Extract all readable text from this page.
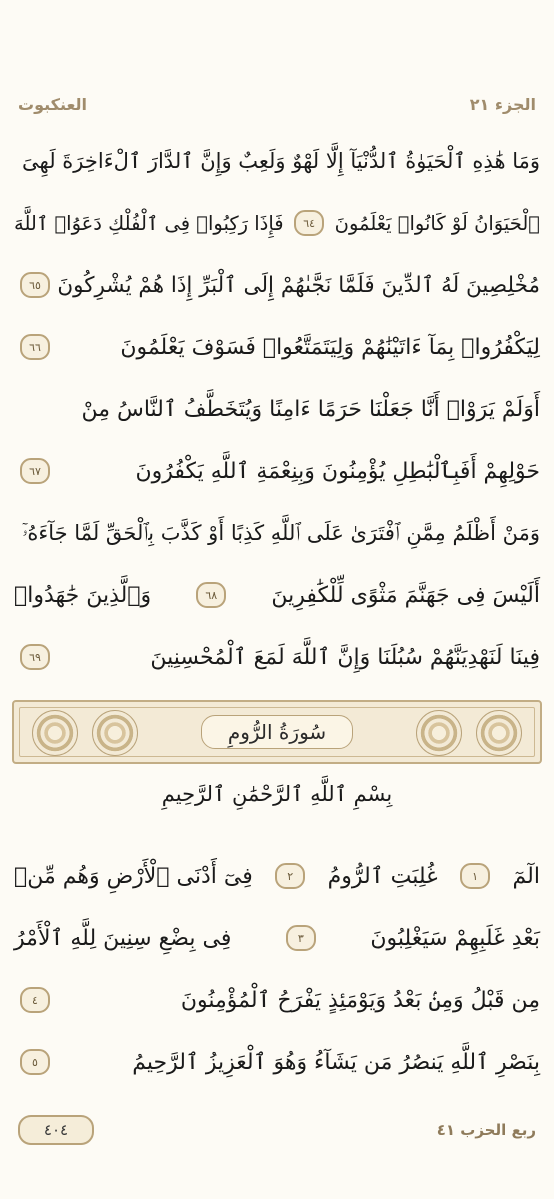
العنكبوت	الجزء ٢١
وَمَا هَٰذِهِ ٱلْحَيَوٰةُ ٱلدُّنْيَآ إِلَّا لَهْوٌ وَلَعِبٌ وَإِنَّ ٱلدَّارَ ٱلْءَاخِرَةَ لَهِىَ
ٱلْحَيَوَانُ لَوْ كَانُوا۟ يَعْلَمُونَ
٦٤
فَإِذَا رَكِبُوا۟ فِى ٱلْفُلْكِ دَعَوُا۟ ٱللَّهَ
مُخْلِصِينَ لَهُ ٱلدِّينَ فَلَمَّا نَجَّىٰهُمْ إِلَى ٱلْبَرِّ إِذَا هُمْ يُشْرِكُونَ
٦٥
لِيَكْفُرُوا۟ بِمَآ ءَاتَيْنَٰهُمْ وَلِيَتَمَتَّعُوا۟ فَسَوْفَ يَعْلَمُونَ
٦٦
أَوَلَمْ يَرَوْا۟ أَنَّا جَعَلْنَا حَرَمًا ءَامِنًا وَيُتَخَطَّفُ ٱلنَّاسُ مِنْ
حَوْلِهِمْ أَفَبِٱلْبَٰطِلِ يُؤْمِنُونَ وَبِنِعْمَةِ ٱللَّهِ يَكْفُرُونَ
٦٧
وَمَنْ أَظْلَمُ مِمَّنِ ٱفْتَرَىٰ عَلَى ٱللَّهِ كَذِبًا أَوْ كَذَّبَ بِٱلْحَقِّ لَمَّا جَآءَهُۥٓ
أَلَيْسَ فِى جَهَنَّمَ مَثْوًى لِّلْكَٰفِرِينَ
٦٨
وَٱلَّذِينَ جَٰهَدُوا۟
فِينَا لَنَهْدِيَنَّهُمْ سُبُلَنَا وَإِنَّ ٱللَّهَ لَمَعَ ٱلْمُحْسِنِينَ
٦٩
سُورَةُ الرُّومِ
بِسْمِ ٱللَّهِ ٱلرَّحْمَٰنِ ٱلرَّحِيمِ
الٓمٓ
١
غُلِبَتِ ٱلرُّومُ
٢
فِىٓ أَدْنَى ٱلْأَرْضِ وَهُم مِّنۢ
بَعْدِ غَلَبِهِمْ سَيَغْلِبُونَ
٣
فِى بِضْعِ سِنِينَ لِلَّهِ ٱلْأَمْرُ
مِن قَبْلُ وَمِنۢ بَعْدُ وَيَوْمَئِذٍ يَفْرَحُ ٱلْمُؤْمِنُونَ
٤
بِنَصْرِ ٱللَّهِ يَنصُرُ مَن يَشَآءُ وَهُوَ ٱلْعَزِيزُ ٱلرَّحِيمُ
٥
٤٠٤	ربع الحزب ٤١
